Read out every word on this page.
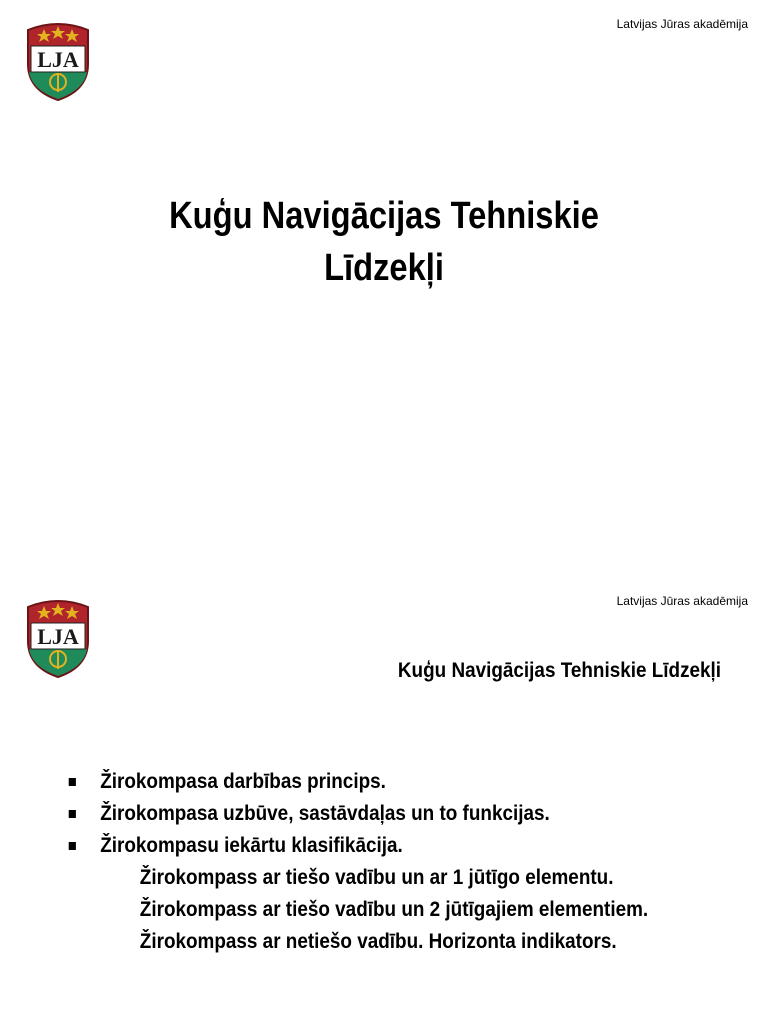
LJA
Latvijas Jūras akadēmija
Kuģu Navigācijas Tehniskie
Līdzekļi
LJA
Latvijas Jūras akadēmija
Kuģu Navigācijas Tehniskie Līdzekļi
Žirokompasa darbības princips.
Žirokompasa uzbūve, sastāvdaļas un to funkcijas.
Žirokompasu iekārtu klasifikācija.
Žirokompass ar tiešo vadību un ar 1 jūtīgo elementu.
Žirokompass ar tiešo vadību un 2 jūtīgajiem elementiem.
Žirokompass ar netiešo vadību. Horizonta indikators.
